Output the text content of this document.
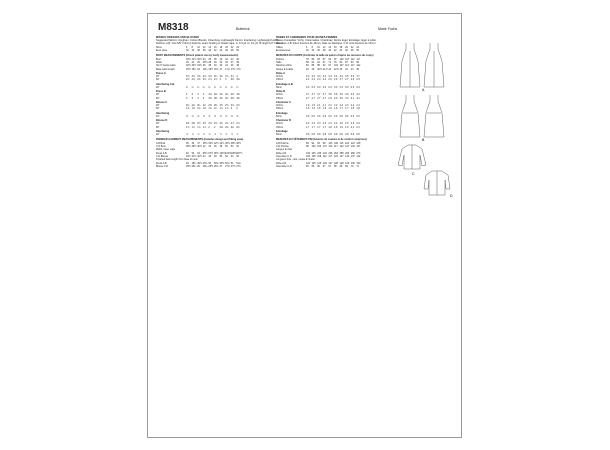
M8318	Butterick	Marie Fuchs
MISSES' DRESSES AND BLOUSES
Suggested fabrics: Gingham, Cotton Blends, Chambray, Lightweight Denim. Interfacing: Lightweight fusible.
Notions: A,B: Two 5/8" (16mm) buttons, seam binding or elastic tape. C: 1/4 yd. D: 1/4 yd. B: Eight 1/2" buttons.
Sizes	6	8	10	12	14	16	18	20	22	24
Euro sizes	32	34	36	38	40	42	44	46	48	50
BODY MEASUREMENTS (Check pattern size by body measurements)
Bust	30½ 31½ 32½ 34	36	38	40	42	44	46
Waist	23	24	25	26½ 28	30	32	34	37	39
Hip 9" below waist	32½ 33½ 34½ 36	38	40	42	44	46	48
Back waist length	15½ 15¾ 16	16¼ 16½ 16¾ 17	17¼ 17½ 17¾
Dress A
45"	3⅝ 3⅝ 3⅝ 3⅝ 3⅝ 3¾ 3¾ 3⅞ 3⅞ 4
60"	2⅝ 2⅝ 2⅝ 2⅝ 2⅞ 2⅞ 3	3	3⅛ 3⅛
Interfacing A,B
20"	¼	¼	¼	¼	¼	¼	¼	¼	¼	¼
Dress B
45"	4	4	4	4	4⅛ 4⅛ 4¼ 4¼ 4⅜ 4⅜
60"	3	3	3	3	3⅛ 3⅛ 3¼ 3¼ 3⅜ 3⅜
Blouse C
45"	2⅛ 2⅛ 2¼ 2¼ 2⅜ 2⅜ 2½ 2½ 2⅝ 2⅝
60"	1⅝ 1⅝ 1⅝ 1⅝ 1¾ 1¾ 1⅞ 1⅞ 2	2
Interfacing
20"	⅝	⅝	⅝	⅝	⅝	⅝	⅝	⅝	⅝	⅝
Blouse D
45"	2⅜ 2⅜ 2½ 2½ 2⅝ 2⅝ 2¾ 2¾ 2⅞ 2⅞
60"	1⅞ 1⅞ 1⅞ 1⅞ 2	2	2⅛ 2⅛ 2¼ 2¼
Interfacing
20"	⅞	⅞	⅞	⅞	⅞	⅞	⅞	⅞	⅞	⅞
FINISHED GARMENT MEASUREMENTS (Includes design and fitting ease)
A,B Bust	35	36	37	38½ 40½ 42½ 44½ 46½ 48½ 50½
C,D Bust	38½ 39½ 40½ 42	44	46	48	50	52	54
Width, lower edge
Dress A,B	92	93	94	95½ 97½ 99½ 101½ 103½ 105½ 107½
C,D Blouse	40½ 41½ 42½ 44	46	48	50	52	54	56
Finished back length from base of neck
Dress A,B	49	49¼ 49½ 49¾ 50	50¼ 50½ 50¾ 51	51¼
Blouse C,D	25½ 25¾ 26	26¼ 26½ 26¾ 27	27¼ 27½ 27¾
ROBES ET CHEMISIERS POUR JEUNES FEMMES
Tissus Conseillés: Vichy, Cotonnades, Chambray, Denim léger. Entoilage: léger à coller.
Mercerie: A,B: Deux boutons de 16mm, biais ou élastique. C,D: Huit boutons de 13mm.
Tailles	6	8	10	12	14	16	18	20	22	24
Européennes	32	34	36	38	40	42	44	46	48	50
MESURES DU CORPS (Contrôlez la taille du patron d'après les mesures du corps)
Poitrine	78	80	83	87	92	97	102 107 112 117
Taille	58	61	64	67	71	76	81	87	94	99
Hanches 23cm	83	85	88	92	97	102 107 112 117 122
Nuque à la taille	40	40	40.5 41.5 42	42.5 43	44	44	45
Robe A
115cm	3.3 3.3 3.3 3.3 3.3 3.4 3.4 3.5 3.5 3.7
150cm	2.4 2.4 2.4 2.4 2.6 2.6 2.7 2.7 2.9 2.9
Entoilage A,B
50cm	0.3 0.3 0.3 0.3 0.3 0.3 0.3 0.3 0.3 0.3
Robe B
115cm	3.7 3.7 3.7 3.7 3.8 3.8 3.9 3.9 4.0 4.0
150cm	2.7 2.7 2.7 2.7 2.9 2.9 3.0 3.0 3.1 3.1
Chemisier C
115cm	1.9 1.9 2.1 2.1 2.2 2.2 2.3 2.3 2.4 2.4
150cm	1.5 1.5 1.5 1.5 1.6 1.6 1.7 1.7 1.8 1.8
Entoilage
50cm	0.6 0.6 0.6 0.6 0.6 0.6 0.6 0.6 0.6 0.6
Chemisier D
115cm	2.2 2.2 2.3 2.3 2.4 2.4 2.5 2.5 2.6 2.6
150cm	1.7 1.7 1.7 1.7 1.8 1.8 1.9 1.9 2.1 2.1
Entoilage
50cm	0.8 0.8 0.8 0.8 0.8 0.8 0.8 0.8 0.8 0.8
MESURES DU VÊTEMENT FINI (Aisance de couture et de confort comprises)
A,B Poitrine	89	92	94	98	103 108 113 118 123 128
C,D Poitrine	98	100 103 107 112 117 122 127 132 137
Largeur du bas
Robe A,B	234 236 239 243 248 253 258 263 268 273
Chemisier C,D	103 105 108 112 117 122 127 132 137 142
Longueur finie - dos, nuque à l'ourlet
Robe A,B	124 125 126 126 127 128 128 129 130 130
Chemisier C,D	65	65	66	67	67	68	69	69	70	71
A
B
C
D
